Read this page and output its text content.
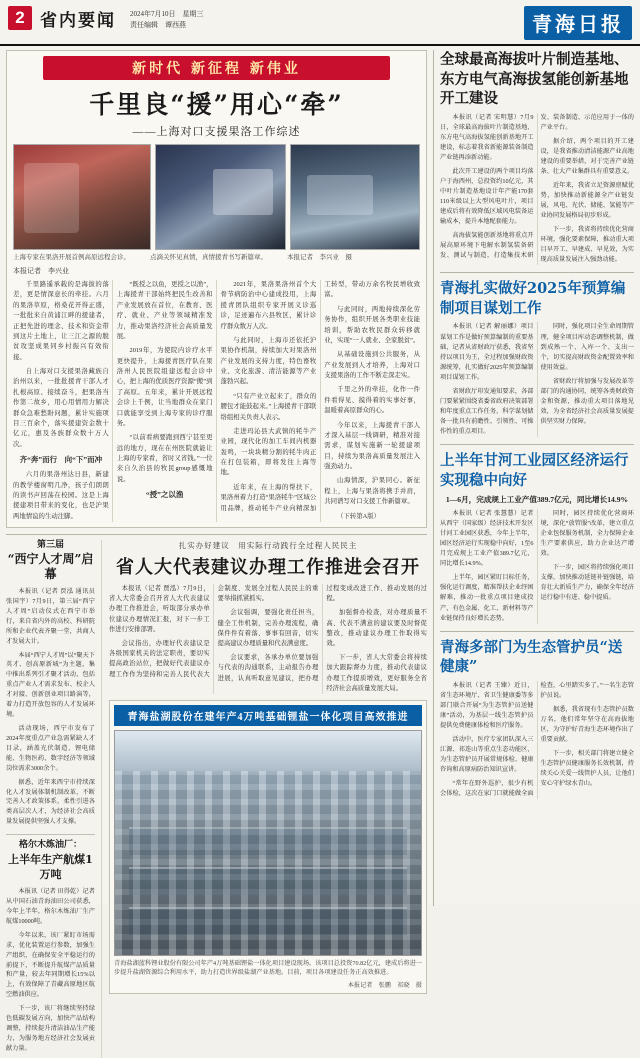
2 省内要闻 2024年7月10日　星期三
​责任编辑　谭西燕	青海日报
新时代 新征程 新伟业
千里良“援”用心“牵”
——上海对口支援果洛工作综述
上海专家在果洛开展首例高原远程会诊。	点滴关怀见真情，真情援青书写新篇章。	本报记者　李兴业　摄
本报记者　李兴业

千里路遥承载的是海拔的落差，更是情深意长的牵挂。六月的果洛草原，格桑花开得正盛，一批批来自黄浦江畔的援建者，正把先进的理念、技术和资金带到这片土地上，让三江之源的脱贫攻坚成果同乡村振兴有效衔接。

自上海对口支援果洛藏族自治州以来，一批批援青干部人才扎根高原、接续奋斗，把果洛当作第二故乡，用心用情用力解决群众急难愁盼问题，累计实施项目三百余个，落实援建资金数十亿元，惠及各族群众数十万人次。

齐“奔”而行　向“下”而冲

六月的果洛州达日县，新建的教学楼窗明几净，孩子们朗朗的读书声回荡在校园。这是上海援建项目带来的变化，也是沪果两地情谊的生动注脚。

“既授之以鱼，更授之以渔”，上海援青干部始终把民生改善和产业发展放在首位，在教育、医疗、就业、产业等领域精准发力，推动果洛经济社会高质量发展。

2019年，为使院内诊疗水平更快提升，上海援青医疗队在果洛州人民医院组建远程会诊中心，把上海的优质医疗资源“搬”到了高原。五年来，累计开展远程会诊上千例，让当地群众在家门口就能享受到上海专家的诊疗服务。

“以前看病要跑到西宁甚至更远的地方，现在在州医院就能让上海的专家看，省时又省钱。”一位来自久治县的牧民group感慨地说。

“授”之以渔

2021年，果洛果洛州首个大骨节病防治中心建成投用，上海援青团队组织专家开展义诊巡诊，足迹遍布六县牧区，累计诊疗群众数万人次。

与此同时，上海市还依托沪果协作机制，持续加大对果洛州产业发展的支持力度，特色畜牧业、文化旅游、清洁能源等产业蓬勃兴起。

“只有产业立起来了，群众的腰包才能鼓起来。”上海援青干部联络组相关负责人表示。

走进玛沁县大武镇的牦牛产业园，现代化的加工车间内机器轰鸣，一块块精分割的牦牛肉正在打包装箱，即将发往上海等地。

近年来，在上海的帮扶下，果洛州着力打造“果洛牦牛”区域公用品牌，推动牦牛产业向精深加工转型，带动万余名牧民增收致富。

与此同时，两地持续深化劳务协作，组织开展各类职业技能培训，帮助农牧民群众转移就业，实现“一人就业、全家脱贫”。

从基础设施到公共服务，从产业发展到人才培养，上海对口支援果洛的工作不断走深走实。

千里之外的牵挂，化作一件件看得见、摸得着的实事好事，温暖着高原群众的心。

今年以来，上海援青干部人才深入基层一线调研，精准对接需求，谋划实施新一轮援建项目，持续为果洛高质量发展注入强劲动力。

山海情深，沪果同心。新征程上，上海与果洛将携手并肩，共同谱写对口支援工作新篇章。

（下转第A版）

第三届
“西宁人才周”启幕

本报讯（记者 贾泓 通讯员 张国宇）7月9日，第三届“西宁人才周”启动仪式在西宁市举行，来自省内外的高校、科研院所和企业代表齐聚一堂，共商人才发展大计。

本届“西宁人才周”以“聚天下英才、创高原新城”为主题，集中推出系列引才聚才活动，包括重点产业人才需求发布、校企人才对接、创新创业项目路演等，着力打造开放包容的人才发展环境。

活动现场，西宁市发布了2024年度重点产业急需紧缺人才目录，涵盖光伏制造、锂电储能、生物医药、数字经济等领域岗位需求3000余个。

据悉，近年来西宁市持续深化人才发展体制机制改革，不断完善人才政策体系，柔性引进各类高层次人才，为经济社会高质量发展提供坚强人才支撑。

格尔木炼油厂：
上半年生产航煤1万吨

本报讯（记者 田得乾）记者从中国石油青海油田公司获悉，今年上半年，格尔木炼油厂生产航煤10000吨。

今年以来，该厂紧盯市场需求，优化装置运行参数，加强生产组织，在确保安全平稳运行的前提下，不断提升航煤产品质量和产量，较去年同期增长15%以上，有效保障了青藏高原地区航空燃油供应。

下一步，该厂将继续坚持绿色低碳发展方向，加快产品结构调整，持续提升清洁油品生产能力，为服务地方经济社会发展贡献力量。

扎实办好建议　用实际行动践行全过程人民民主
省人大代表建议办理工作推进会召开

本报讯（记者 贾泓）7月9日，省人大常委会召开省人大代表建议办理工作推进会，听取部分承办单位建议办理情况汇报，对下一步工作进行安排部署。

会议指出，办理好代表建议是各级国家机关的法定职责，要切实提高政治站位，把做好代表建议办理工作作为坚持和完善人民代表大会制度、发展全过程人民民主的重要举措抓紧抓实。

会议强调，要强化责任担当，健全工作机制，完善办理流程，确保件件有着落、事事有回音，切实提高建议办理质量和代表满意度。

会议要求，各承办单位要加强与代表的沟通联系，主动报告办理进展，认真听取意见建议，把办理过程变成改进工作、推动发展的过程。

加强督办检查，对办理质量不高、代表不满意的建议要及时督促整改，推动建议办理工作取得实效。

下一步，省人大常委会将持续加大跟踪督办力度，推动代表建议办理工作提质增效，更好服务全省经济社会高质量发展大局。

青海盐湖股份在建年产4万吨基础锂盐一体化项目高效推进
青海盐湖蓝科锂业股份有限公司年产4万吨基础锂盐一体化项目建设现场。该项目总投资70.82亿元，建成后将进一步提升盐湖资源综合利用水平，助力打造世界级盐湖产业基地。目前，项目各项建设任务正高效推进。
本报记者　张鹏　祁晓　摄
全球最高海拔叶片制造基地、东方电气高海拔氢能创新基地开工建设

本报讯（记者 宋明慧）7月9日，全球最高海拔叶片制造基地、东方电气高海拔氢能创新基地开工建设，标志着我省新能源装备制造产业链再添新动能。

此次开工建设的两个项目均落户于海西州，总投资约10亿元，其中叶片制造基地设计年产能170套110米级以上大型风电叶片，项目建成后将有效降低区域风电装备运输成本，提升本地配套能力。

高海拔氢能创新基地将重点开展高原环境下电解水制氢装备研发、测试与制造，打造集技术研发、装备制造、示范应用于一体的产业平台。

据介绍，两个项目的开工建设，是我省推动清洁能源产业高地建设的重要举措，对于完善产业链条、壮大产业集群具有重要意义。

近年来，我省立足资源禀赋优势，加快推动新能源全产业链发展，风电、光伏、储能、氢能等产业协同发展格局初步形成。

下一步，我省将持续优化营商环境，强化要素保障，推动重大项目早开工、早建成、早见效，为实现高质量发展注入强劲动能。

青海扎实做好2025年预算编制项目谋划工作

本报讯（记者 解丽娜）项目谋划工作是做好预算编制的重要基础，记者从省财政厅获悉，我省坚持以项目为王，全过程加强财政资源统筹，扎实做好2025年预算编制项目谋划工作。

省财政厅印发通知要求，各部门要紧紧围绕省委省政府决策部署和年度重点工作任务，科学谋划储备一批具有前瞻性、引领性、可操作性的重点项目。

同时，强化项目全生命周期管理，健全项目库动态调整机制，做到成熟一个、入库一个、支出一个，切实提高财政资金配置效率和使用效益。

省财政厅将加强与发展改革等部门的沟通协同，统筹各类财政资金和资源，推动重大项目落地见效，为全省经济社会高质量发展提供坚实财力保障。

上半年甘河工业园区经济运行实现稳中向好
1—6月，完成规上工业产值389.7亿元，同比增长14.9%

本报讯（记者 张慧慧）记者从西宁（国家级）经济技术开发区甘河工业园区获悉，今年上半年，园区经济运行实现稳中向好，1至6月完成规上工业产值389.7亿元，同比增长14.9%。

上半年，园区紧盯目标任务，强化运行调度，精准帮扶企业纾困解难，推动一批重点项目建成投产，有色金属、化工、新材料等产业链保持良好增长态势。

同时，园区持续优化营商环境，深化“放管服”改革，建立重点企业包保服务机制，全力保障企业生产要素供应，助力企业达产增效。

下一步，园区将持续强化项目支撑，加快推动延链补链强链，培育壮大新质生产力，确保全年经济运行稳中有进、稳中提质。

青海多部门为生态管护员“送健康”

本报讯（记者 王臻）近日，省生态环境厅、省卫生健康委等多部门联合开展“为生态管护员送健康”活动，为基层一线生态管护员提供免费健康体检和医疗服务。

活动中，医疗专家团队深入三江源、祁连山等重点生态功能区，为生态管护员开展常规体检、健康咨询和高原病防治知识宣讲。

“常年在野外巡护，很少有机会体检，这次在家门口就能做全面检查，心里踏实多了。”一名生态管护员说。

据悉，我省现有生态管护员数万名，他们常年坚守在高海拔地区，为守护好青海生态环境作出了重要贡献。

下一步，相关部门将建立健全生态管护员健康服务长效机制，持续关心关爱一线管护人员，让他们安心守护绿水青山。
